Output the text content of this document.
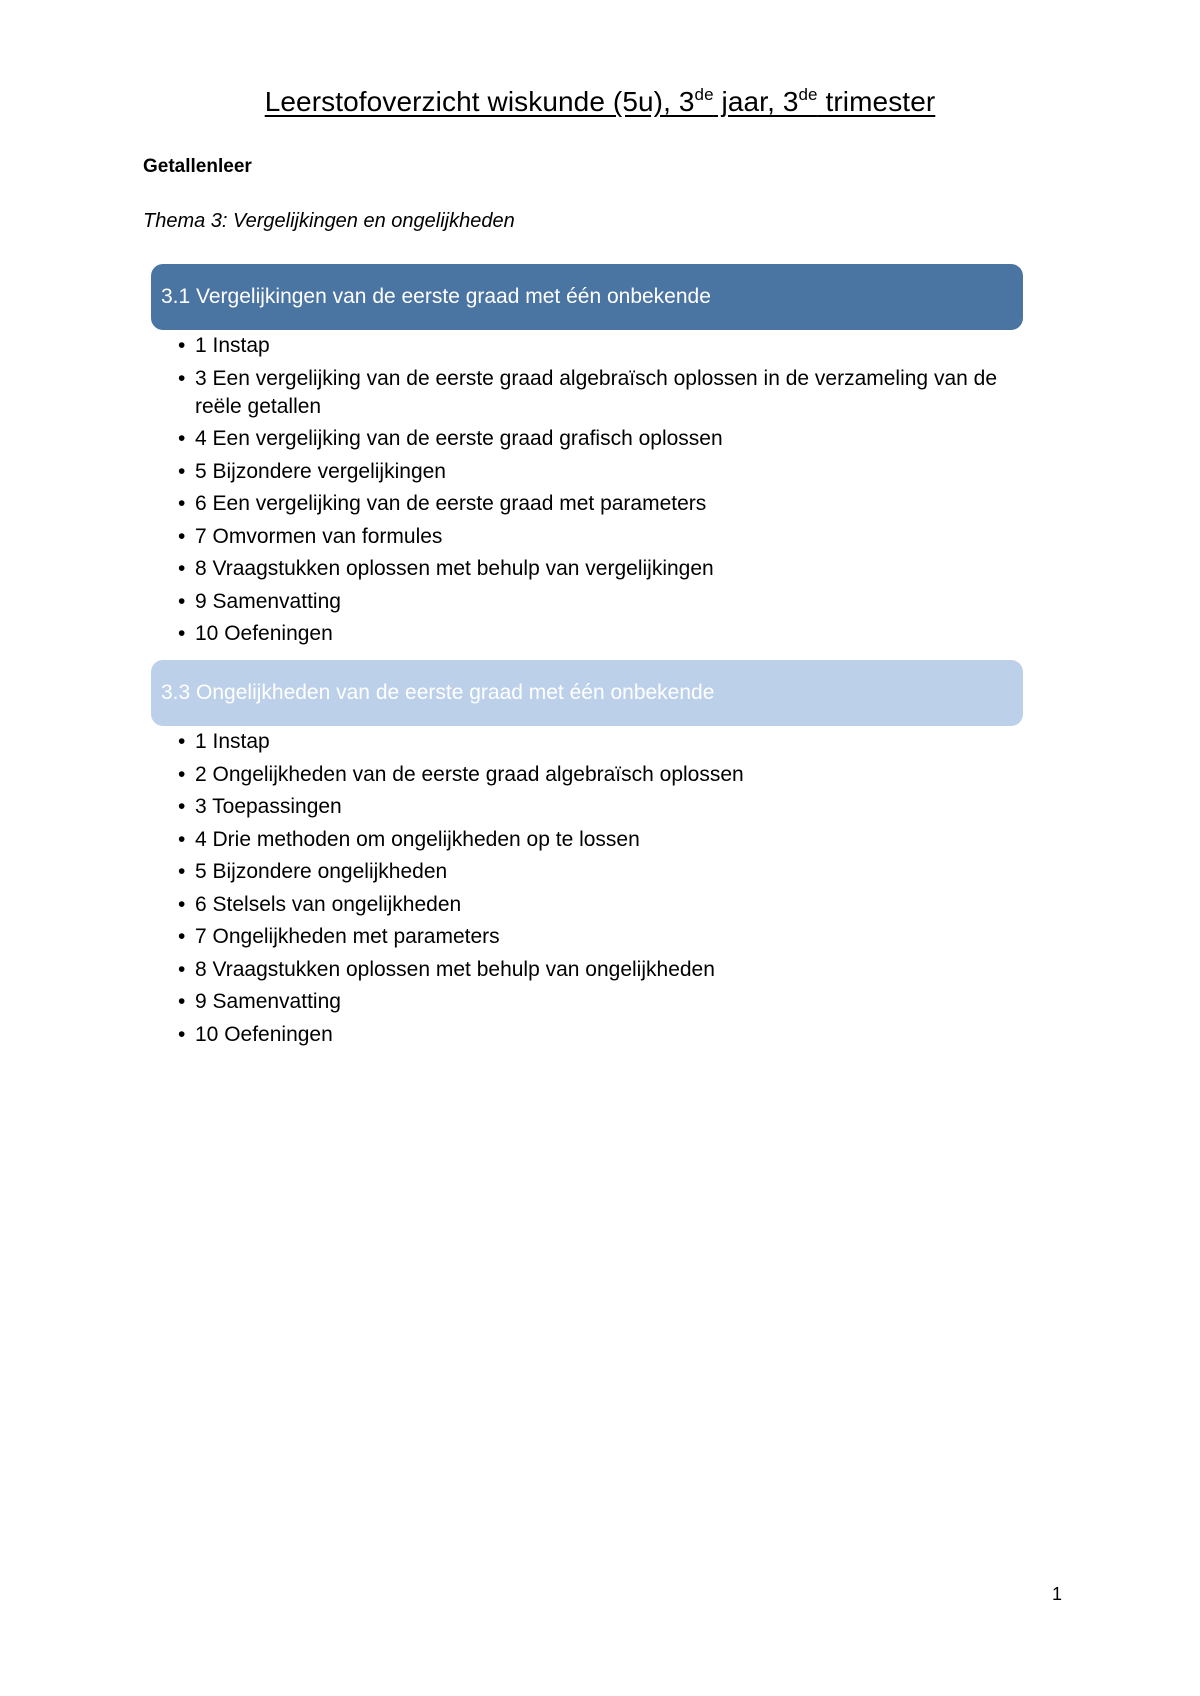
Leerstofoverzicht wiskunde (5u), 3de jaar, 3de trimester
Getallenleer
Thema 3: Vergelijkingen en ongelijkheden
3.1 Vergelijkingen van de eerste graad met één onbekende
• 1 Instap
• 3 Een vergelijking van de eerste graad algebraïsch oplossen in de verzameling van de reële getallen
• 4 Een vergelijking van de eerste graad grafisch oplossen
• 5 Bijzondere vergelijkingen
• 6 Een vergelijking van de eerste graad met parameters
• 7 Omvormen van formules
• 8 Vraagstukken oplossen met behulp van vergelijkingen
• 9 Samenvatting
• 10 Oefeningen
3.3 Ongelijkheden van de eerste graad met één onbekende
• 1 Instap
• 2 Ongelijkheden van de eerste graad algebraïsch oplossen
• 3 Toepassingen
• 4 Drie methoden om ongelijkheden op te lossen
• 5 Bijzondere ongelijkheden
• 6 Stelsels van ongelijkheden
• 7 Ongelijkheden met parameters
• 8 Vraagstukken oplossen met behulp van ongelijkheden
• 9 Samenvatting
• 10 Oefeningen
1
